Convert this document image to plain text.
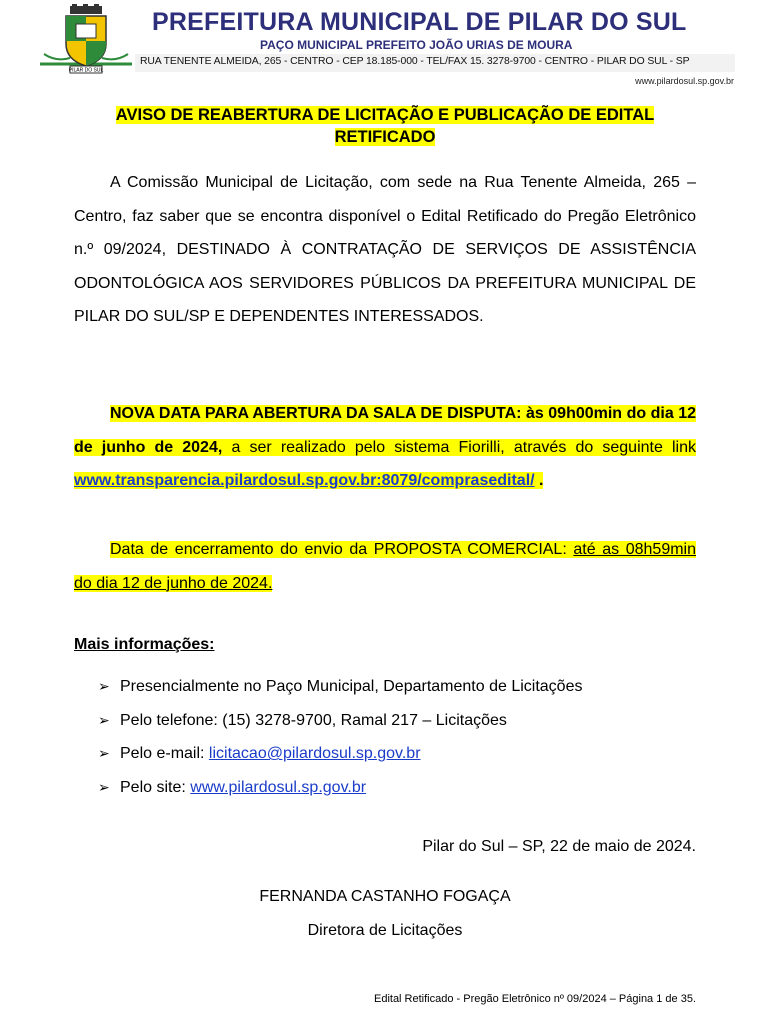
PILAR DO SUL
PREFEITURA MUNICIPAL DE PILAR DO SUL
PAÇO MUNICIPAL PREFEITO JOÃO URIAS DE MOURA
RUA TENENTE ALMEIDA, 265 - CENTRO - CEP 18.185-000 - TEL/FAX 15. 3278-9700 - CENTRO - PILAR DO SUL - SP
www.pilardosul.sp.gov.br
AVISO DE REABERTURA DE LICITAÇÃO E PUBLICAÇÃO DE EDITAL
RETIFICADO
A Comissão Municipal de Licitação, com sede na Rua Tenente Almeida, 265 – Centro, faz saber que se encontra disponível o Edital Retificado do Pregão Eletrônico n.º 09/2024, DESTINADO À CONTRATAÇÃO DE SERVIÇOS DE ASSISTÊNCIA ODONTOLÓGICA AOS SERVIDORES PÚBLICOS DA PREFEITURA MUNICIPAL DE PILAR DO SUL/SP E DEPENDENTES INTERESSADOS.
NOVA DATA PARA ABERTURA DA SALA DE DISPUTA: às 09h00min do dia 12 de junho de 2024, a ser realizado pelo sistema Fiorilli, através do seguinte link www.transparencia.pilardosul.sp.gov.br:8079/comprasedital/ .
Data de encerramento do envio da PROPOSTA COMERCIAL: até as 08h59min do dia 12 de junho de 2024.
Mais informações:
➢ Presencialmente no Paço Municipal, Departamento de Licitações
➢ Pelo telefone: (15) 3278-9700, Ramal 217 – Licitações
➢ Pelo e-mail: licitacao@pilardosul.sp.gov.br
➢ Pelo site: www.pilardosul.sp.gov.br
Pilar do Sul – SP, 22 de maio de 2024.
FERNANDA CASTANHO FOGAÇA
Diretora de Licitações
Edital Retificado - Pregão Eletrônico nº 09/2024 – Página 1 de 35.
